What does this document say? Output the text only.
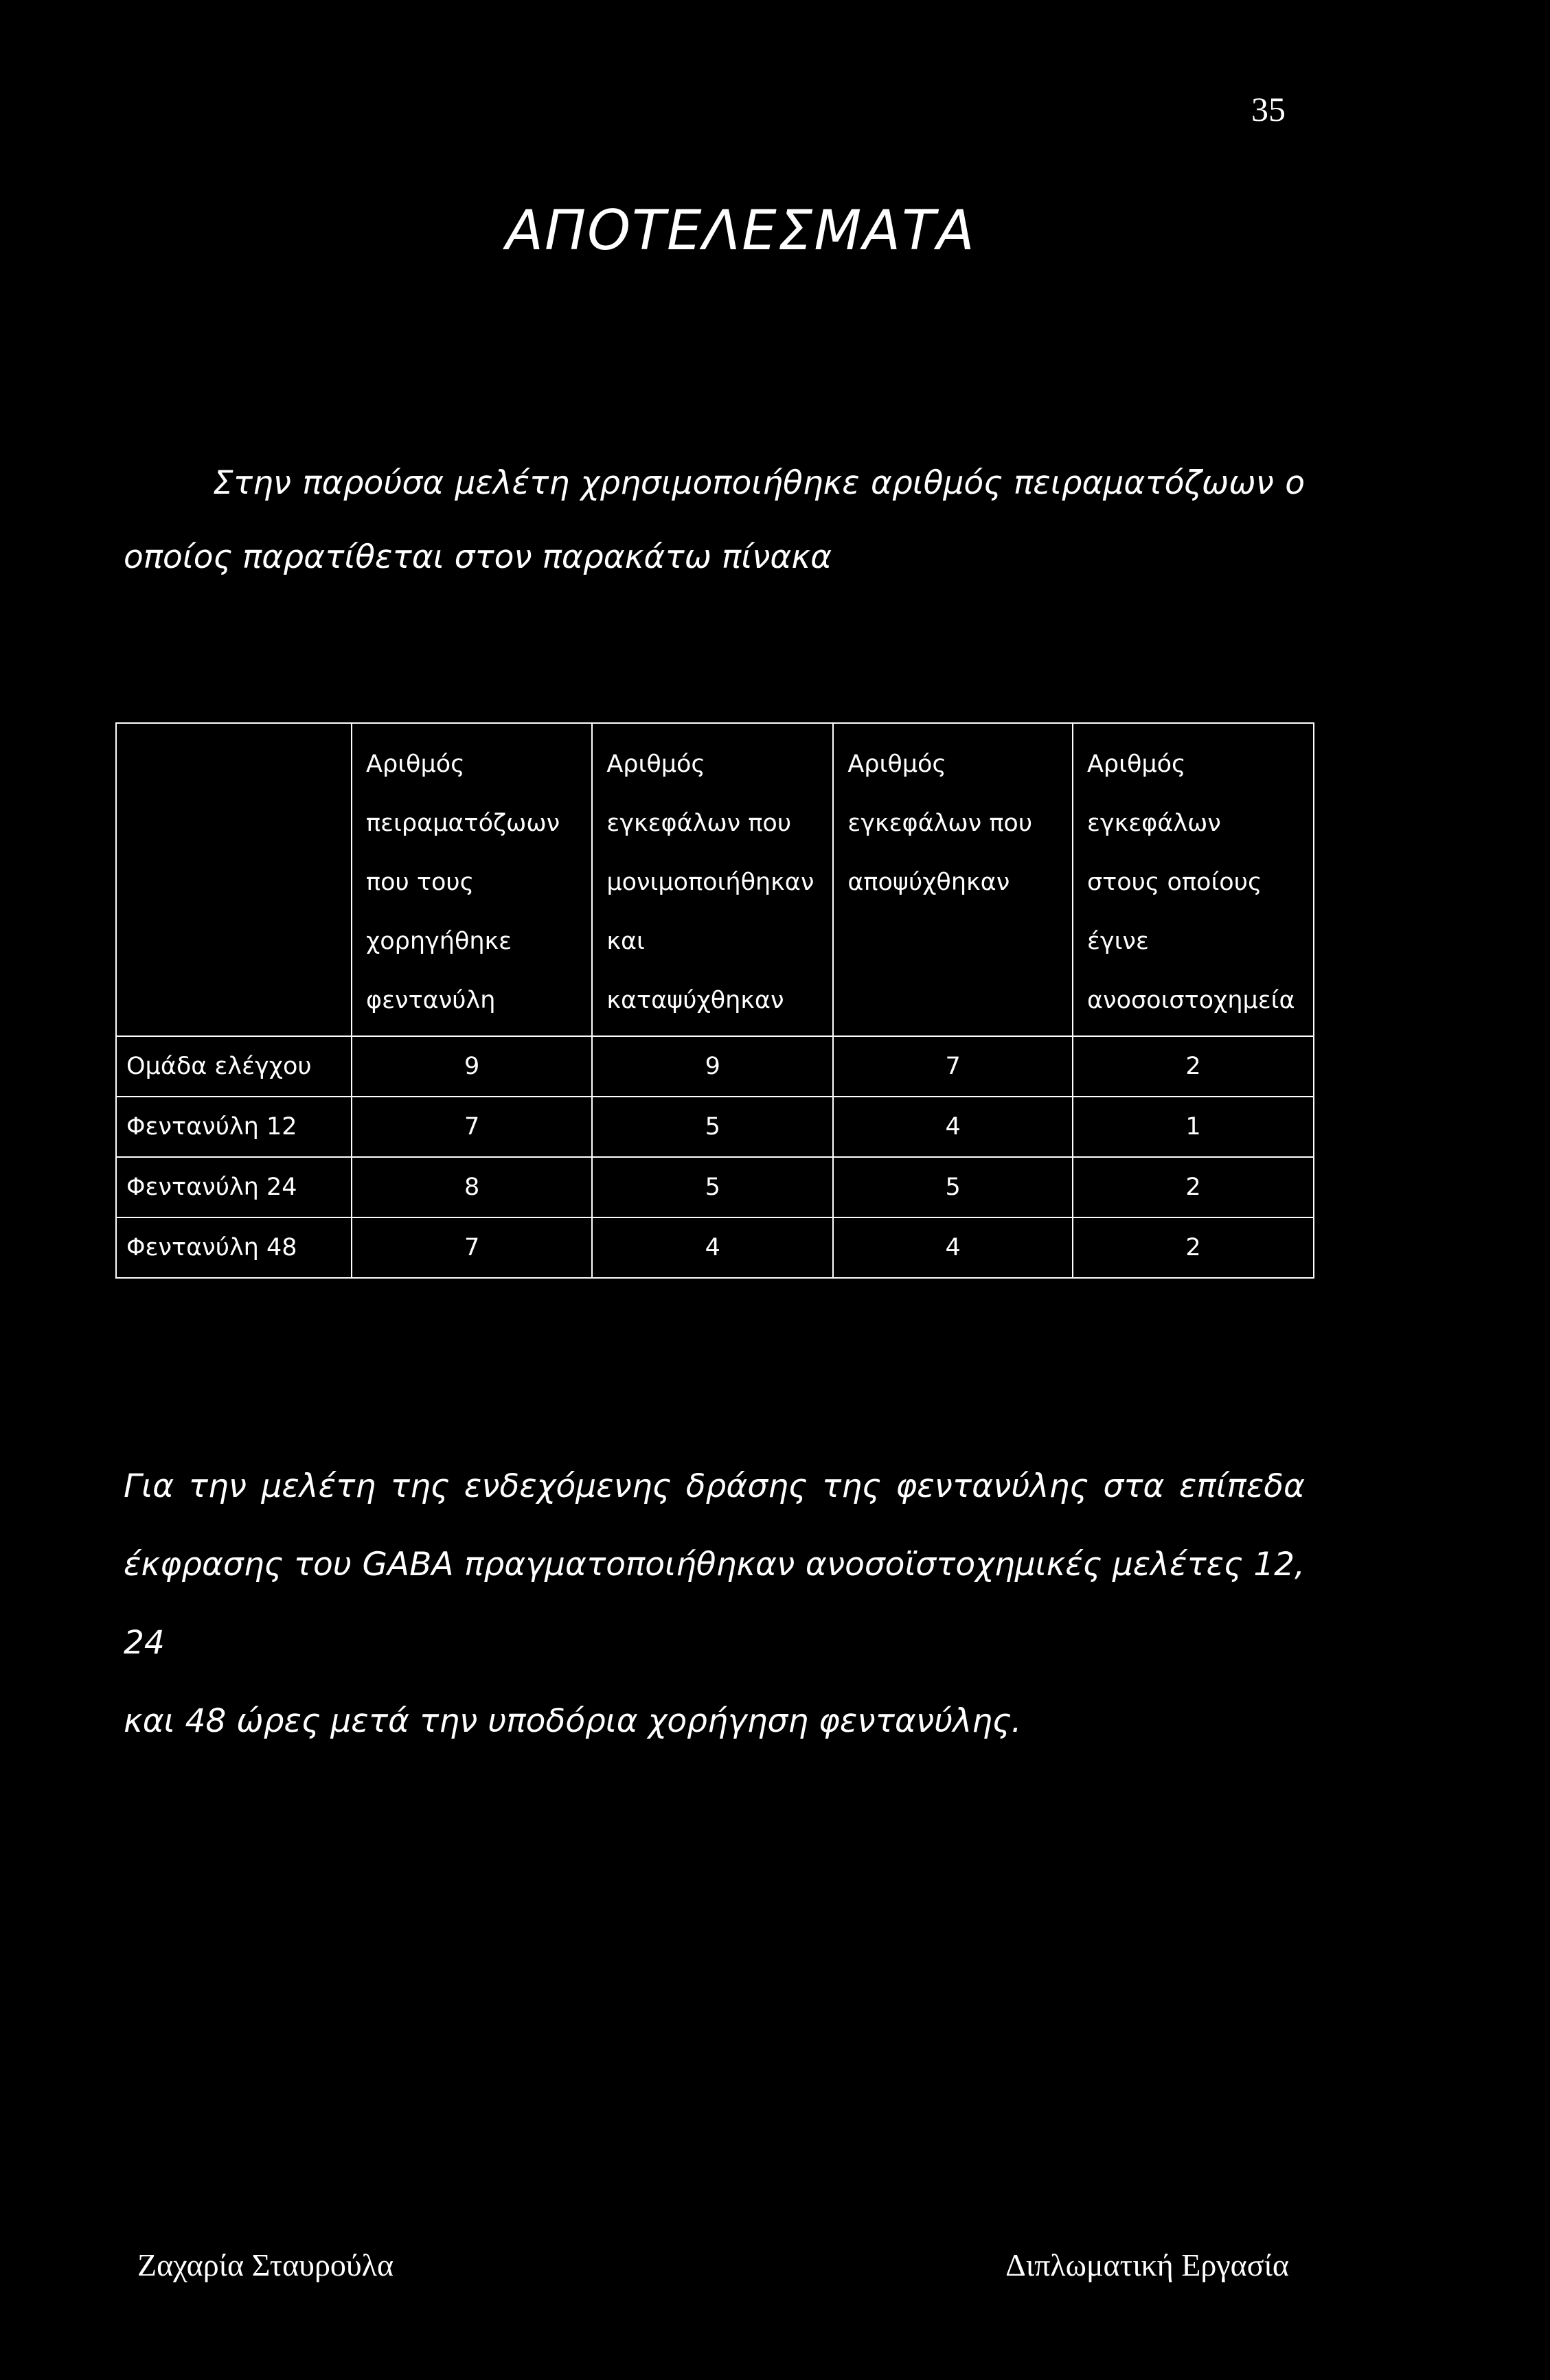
35
ΑΠΟΤΕΛΕΣΜΑΤΑ
Στην παρούσα μελέτη χρησιμοποιήθηκε αριθμός πειραματόζωων ο
οποίος παρατίθεται στον παρακάτω πίνακα

	Αριθμός
πειραματόζωων
που τους
χορηγήθηκε
φεντανύλη	Αριθμός
εγκεφάλων που
μονιμοποιήθηκαν
και
καταψύχθηκαν	Αριθμός
εγκεφάλων που
αποψύχθηκαν	Αριθμός
εγκεφάλων
στους οποίους
έγινε
ανοσοιστοχημεία

Ομάδα ελέγχου	9	9	7	2
Φεντανύλη 12	7	5	4	1
Φεντανύλη 24	8	5	5	2
Φεντανύλη 48	7	4	4	2
Για την μελέτη της ενδεχόμενης δράσης της φεντανύλης στα επίπεδα
έκφρασης του GABA πραγματοποιήθηκαν ανοσοϊστοχημικές μελέτες 12, 24
και 48 ώρες μετά την υποδόρια χορήγηση φεντανύλης.
Ζαχαρία Σταυρούλα	Διπλωματική Εργασία
